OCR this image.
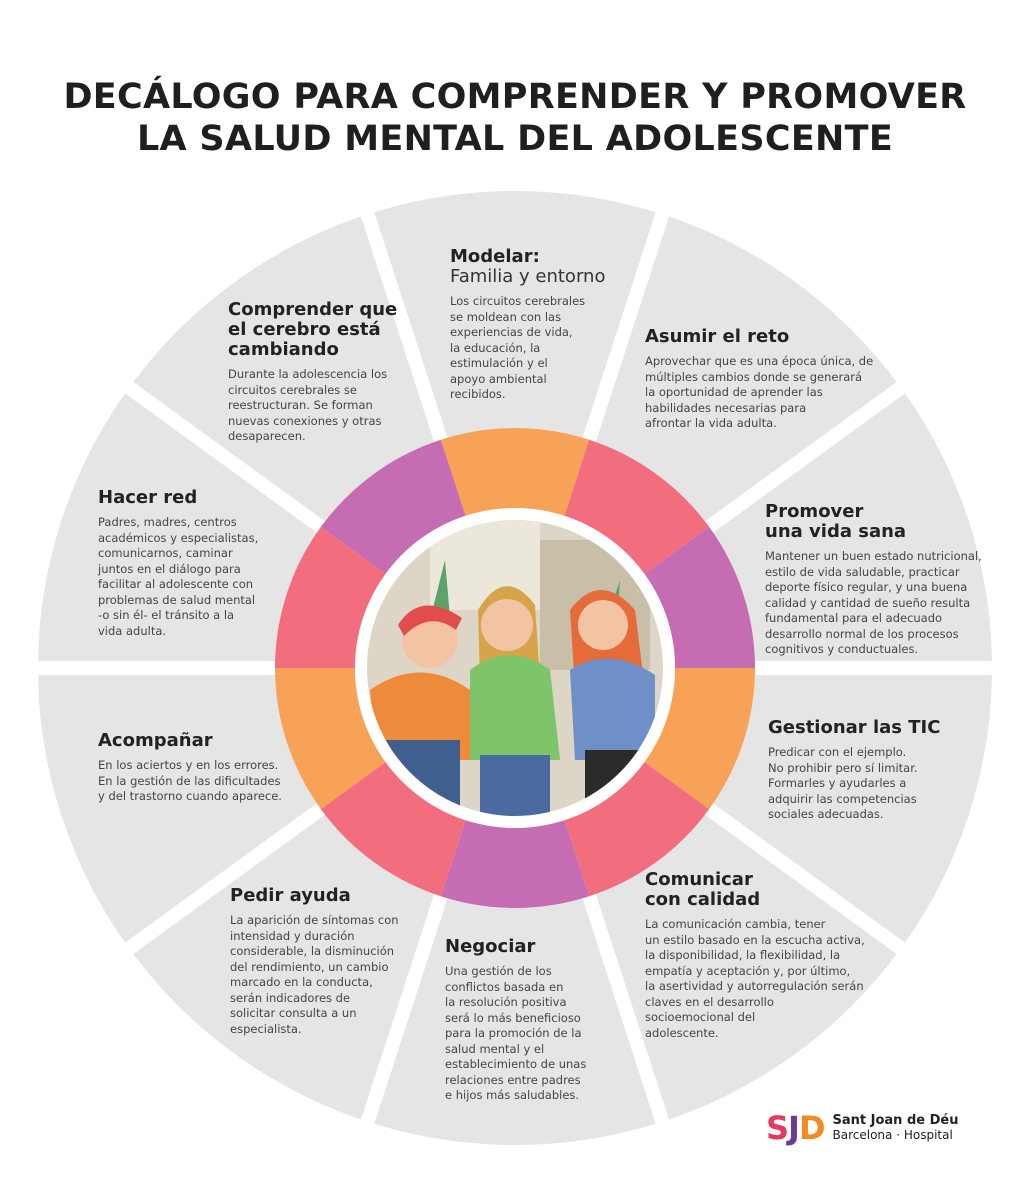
DECÁLOGO PARA COMPRENDER Y PROMOVER
LA SALUD MENTAL DEL ADOLESCENTE
Modelar:
Familia y entorno
Los circuitos cerebrales
se moldean con las
experiencias de vida,
la educación, la
estimulación y el
apoyo ambiental
recibidos.
Asumir el reto
Aprovechar que es una época única, de
múltiples cambios donde se generará
la oportunidad de aprender las
habilidades necesarias para
afrontar la vida adulta.
Promover
una vida sana
Mantener un buen estado nutricional,
estilo de vida saludable, practicar
deporte físico regular, y una buena
calidad y cantidad de sueño resulta
fundamental para el adecuado
desarrollo normal de los procesos
cognitivos y conductuales.
Gestionar las TIC
Predicar con el ejemplo.
No prohibir pero sí limitar.
Formarles y ayudarles a
adquirir las competencias
sociales adecuadas.
Comunicar
con calidad
La comunicación cambia, tener
un estilo basado en la escucha activa,
la disponibilidad, la flexibilidad, la
empatía y aceptación y, por último,
la asertividad y autorregulación serán
claves en el desarrollo
socioemocional del
adolescente.
Negociar
Una gestión de los
conflictos basada en
la resolución positiva
será lo más beneficioso
para la promoción de la
salud mental y el
establecimiento de unas
relaciones entre padres
e hijos más saludables.
Pedir ayuda
La aparición de síntomas con
intensidad y duración
considerable, la disminución
del rendimiento, un cambio
marcado en la conducta,
serán indicadores de
solicitar consulta a un
especialista.
Acompañar
En los aciertos y en los errores.
En la gestión de las dificultades
y del trastorno cuando aparece.
Hacer red
Padres, madres, centros
académicos y especialistas,
comunicarnos, caminar
juntos en el diálogo para
facilitar al adolescente con
problemas de salud mental
-o sin él- el tránsito a la
vida adulta.
Comprender que
el cerebro está
cambiando
Durante la adolescencia los
circuitos cerebrales se
reestructuran. Se forman
nuevas conexiones y otras
desaparecen.
SJD Sant Joan de Déu
Barcelona · Hospital
